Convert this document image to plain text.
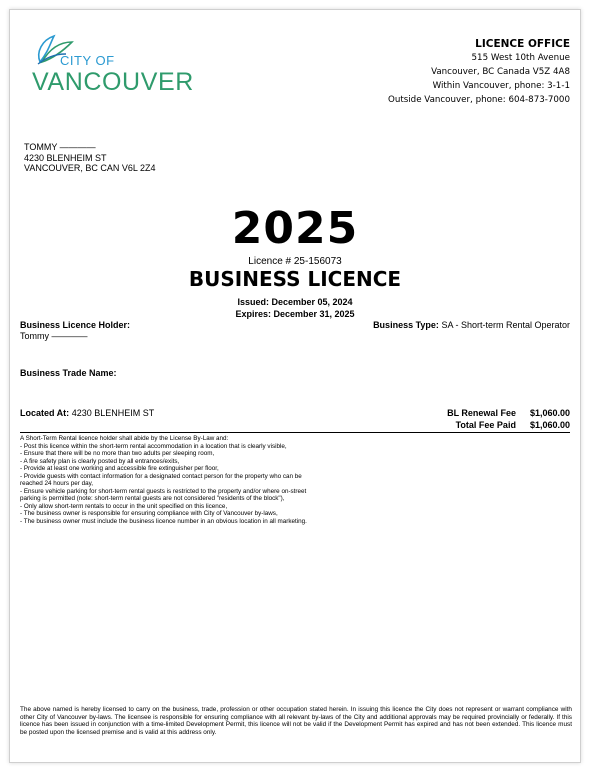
CITY OF
VANCOUVER
LICENCE OFFICE
515 West 10th Avenue
Vancouver, BC Canada V5Z 4A8
Within Vancouver, phone: 3-1-1
Outside Vancouver, phone: 604-873-7000
TOMMY ————
4230 BLENHEIM ST
VANCOUVER, BC CAN V6L 2Z4
2025
Licence # 25-156073
BUSINESS LICENCE
Issued: December 05, 2024
Expires: December 31, 2025
Business Licence Holder:
Tommy ————
Business Type: SA - Short-term Rental Operator
Business Trade Name:
Located At: 4230 BLENHEIM ST	BL Renewal Fee	$1,060.00
Total Fee Paid	$1,060.00
A Short-Term Rental licence holder shall abide by the License By-Law and:
- Post this licence within the short-term rental accommodation in a location that is clearly visible,
- Ensure that there will be no more than two adults per sleeping room,
- A fire safety plan is clearly posted by all entrances/exits,
- Provide at least one working and accessible fire extinguisher per floor,
- Provide guests with contact information for a designated contact person for the property who can be reached 24 hours per day,
- Ensure vehicle parking for short-term rental guests is restricted to the property and/or where on-street parking is permitted (note: short-term rental guests are not considered "residents of the block"),
- Only allow short-term rentals to occur in the unit specified on this licence,
- The business owner is responsible for ensuring compliance with City of Vancouver by-laws,
- The business owner must include the business licence number in an obvious location in all marketing.
The above named is hereby licensed to carry on the business, trade, profession or other occupation stated herein. In issuing this licence the City does not represent or warrant compliance with other City of Vancouver by-laws. The licensee is responsible for ensuring compliance with all relevant by-laws of the City and additional approvals may be required provincially or federally. If this licence has been issued in conjunction with a time-limited Development Permit, this licence will not be valid if the Development Permit has expired and has not been extended. This licence must be posted upon the licensed premise and is valid at this address only.
